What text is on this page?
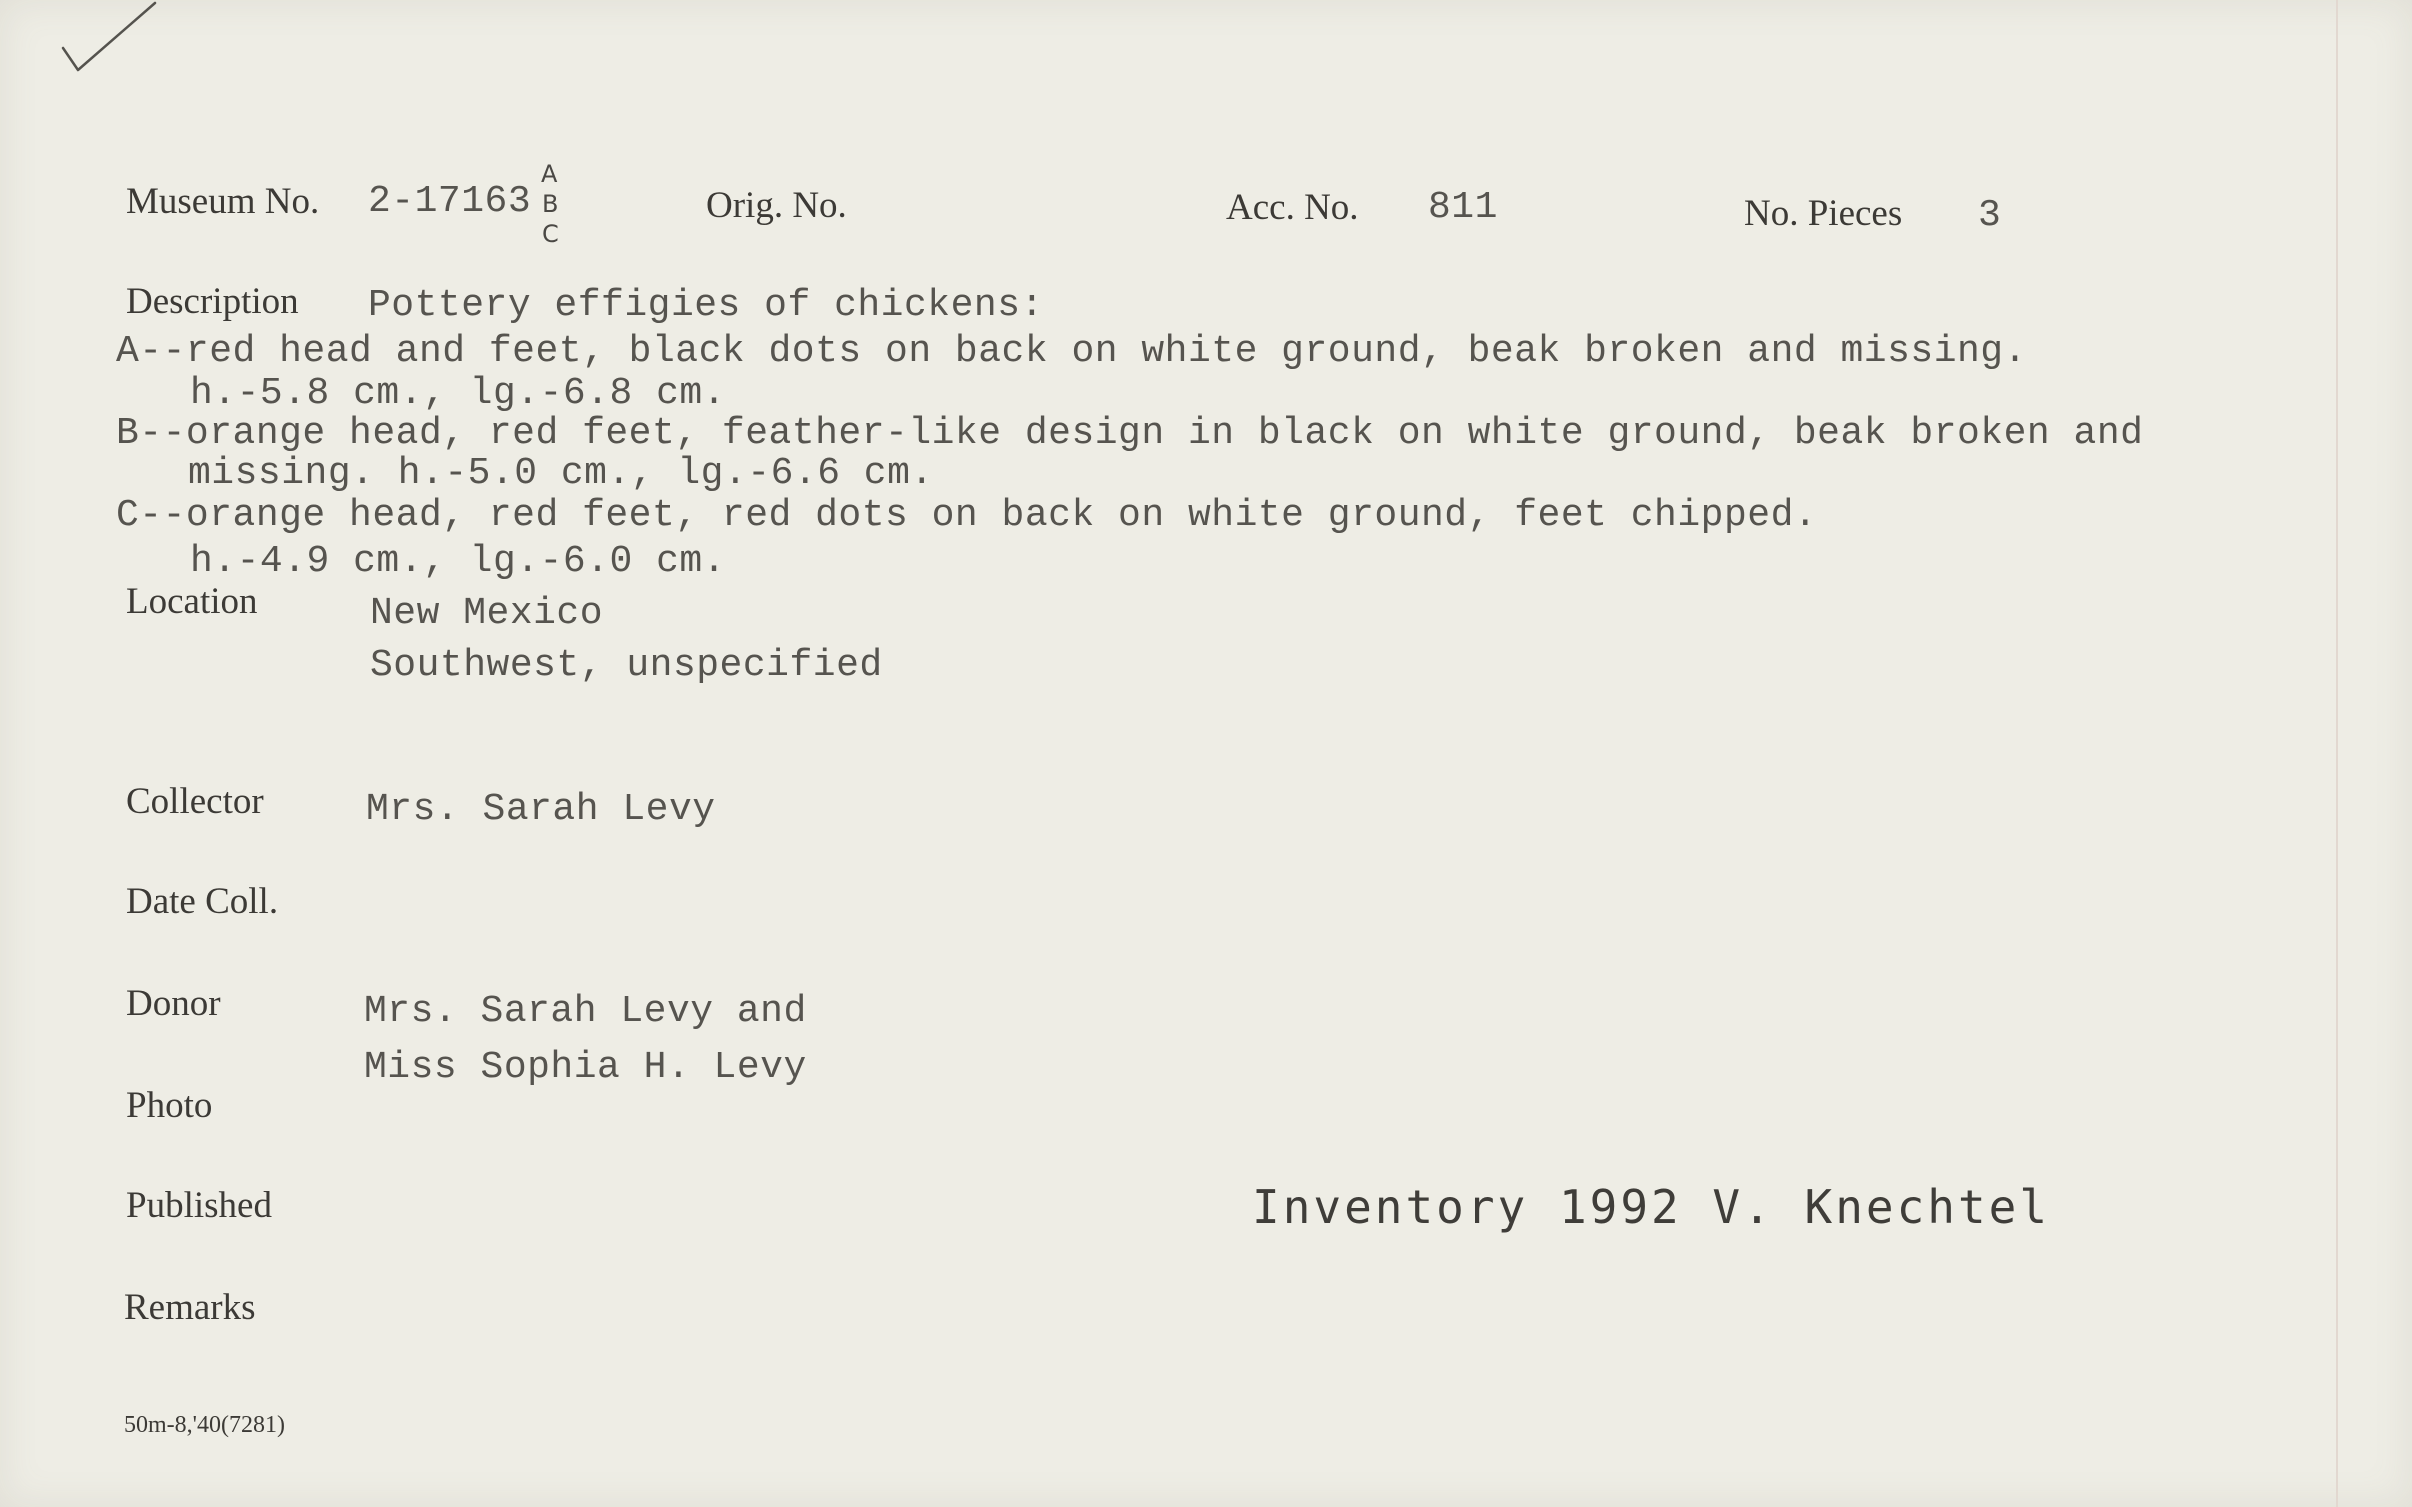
Museum No. 2-17163
A
B
C
Orig. No.	Acc. No. 811	No. Pieces 3
Description Pottery effigies of chickens:
A--red head and feet, black dots on back on white ground, beak broken and missing.
h.-5.8 cm., lg.-6.8 cm.
B--orange head, red feet, feather-like design in black on white ground, beak broken and
missing. h.-5.0 cm., lg.-6.6 cm.
C--orange head, red feet, red dots on back on white ground, feet chipped.
h.-4.9 cm., lg.-6.0 cm.
Location	New Mexico
Southwest, unspecified
Collector	Mrs. Sarah Levy
Date Coll.
Donor	Mrs. Sarah Levy and
Miss Sophia H. Levy
Photo
Published	Inventory 1992 V. Knechtel
Remarks
50m-8,'40(7281)
